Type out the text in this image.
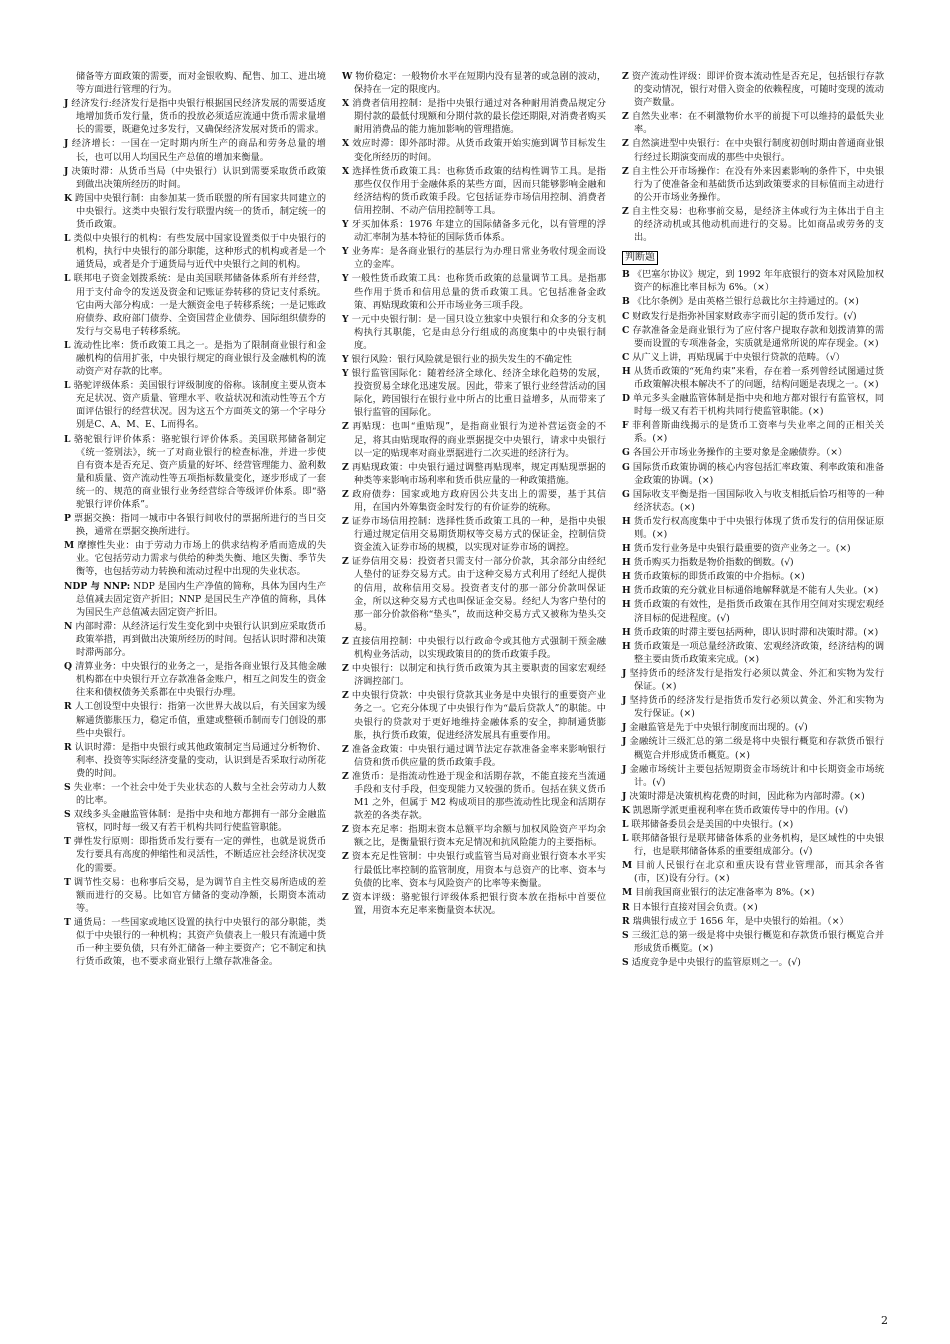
储备等方面政策的需要，而对金银收购、配售、加工、进出境等方面进行管理的行为。
J 经济发行:经济发行是指中央银行根据国民经济发展的需要适度地增加货币发行量，货币的投放必须适应流通中货币需求量增长的需要，既避免过多发行，又确保经济发展对货币的需求。
J 经济增长：一国在一定时期内所生产的商品和劳务总量的增长，也可以用人均国民生产总值的增加来衡量。
J 决策时滞：从货币当局（中央银行）认识到需要采取货币政策到做出决策所经历的时间。
K 跨国中央银行制：由参加某一货币联盟的所有国家共同建立的中央银行。这类中央银行发行联盟内统一的货币，制定统一的货币政策。
L 类似中央银行的机构：有些发展中国家设置类似于中央银行的机构，执行中央银行的部分职能，这种形式的机构或者是一个通货局，或者是介于通货局与近代中央银行之间的机构。
L 联邦电子资金划拨系统：是由美国联邦储备体系所有并经营，用于支付命令的发送及资金和记账证券转移的贷记支付系统。它由两大部分构成：一是大额资金电子转移系统；一是记账政府债券、政府部门债券、全资国营企业债券、国际组织债券的发行与交易电子转移系统。
L 流动性比率：货币政策工具之一。是指为了限制商业银行和金融机构的信用扩张，中央银行规定的商业银行及金融机构的流动资产对存款的比率。
L 骆驼评级体系：美国银行评级制度的俗称。该制度主要从资本充足状况、资产质量、管理水平、收益状况和流动性等五个方面评估银行的经营状况。因为这五个方面英文的第一个字母分别是C、A、M、E、L而得名。
L 骆驼银行评价体系：骆驼银行评价体系。美国联邦储备制定《统一签别法》，统一了对商业银行的检查标准，并进一步使自有资本是否充足、资产质量的好坏、经营管理能力、盈利数量和质量、资产流动性等五项指标数量变化，逐步形成了一套统一的、规范的商业银行业务经营综合等级评价体系。即“骆驼银行评价体系”。
P 票据交换：指同一城市中各银行间收付的票据所进行的当日交换，通常在票据交换所进行。
M 摩擦性失业：由于劳动力市场上的供求结构矛盾而造成的失业。它包括劳动力需求与供给的种类失衡、地区失衡、季节失衡等，也包括劳动力转换和流动过程中出现的失业状态。
NDP 与 NNP: NDP 是国内生产净值的简称，具体为国内生产总值减去固定资产折旧；NNP 是国民生产净值的简称，具体为国民生产总值减去固定资产折旧。
N 内部时滞：从经济运行发生变化到中央银行认识到应采取货币政策举措，再到做出决策所经历的时间。包括认识时滞和决策时滞两部分。
Q 清算业务：中央银行的业务之一，是指各商业银行及其他金融机构都在中央银行开立存款准备金账户，相互之间发生的资金往来和债权债务关系都在中央银行办理。
R 人工创设型中央银行：指第一次世界大战以后，有关国家为缓解通货膨胀压力，稳定币值，重建或整顿币制而专门创设的那些中央银行。
R 认识时滞：是指中央银行或其他政策制定当局通过分析物价、利率、投资等实际经济变量的变动，认识到是否采取行动所花费的时间。
S 失业率：一个社会中处于失业状态的人数与全社会劳动力人数的比率。
S 双线多头金融监管体制：是指中央和地方都拥有一部分金融监管权，同时每一级又有若干机构共同行使监管职能。
T 弹性发行原则：即指货币发行要有一定的弹性，也就是说货币发行要具有高度的伸缩性和灵活性，不断适应社会经济状况变化的需要。
T 调节性交易：也称事后交易，是为调节自主性交易所造成的差额而进行的交易。比如官方储备的变动净额，长期资本流动等。
T 通货局：一些国家或地区设置的执行中央银行的部分职能，类似于中央银行的一种机构；其资产负债表上一般只有流通中货币一种主要负债，只有外汇储备一种主要资产；它不制定和执行货币政策，也不要求商业银行上缴存款准备金。
W 物价稳定：一般物价水平在短期内没有显著的或急剧的波动，保持在一定的限度内。
X 消费者信用控制：是指中央银行通过对各种耐用消费品规定分期付款的最低付现额和分期付款的最长偿还期限,对消费者购买耐用消费品的能力施加影响的管理措施。
X 效应时滞：即外部时滞。从货币政策开始实施到调节目标发生变化所经历的时间。
X 选择性货币政策工具：也称货币政策的结构性调节工具。是指那些仅仅作用于金融体系的某些方面，因而只能够影响金融和经济结构的货币政策手段。它包括证券市场信用控制、消费者信用控制、不动产信用控制等工具。
Y 牙买加体系：1976 年建立的国际储备多元化，以有管理的浮动汇率制为基本特征的国际货币体系。
Y 业务库：是各商业银行的基层行为办理日常业务收付现金而设立的金库。
Y 一般性货币政策工具：也称货币政策的总量调节工具。是指那些作用于货币和信用总量的货币政策工具。它包括准备金政策、再贴现政策和公开市场业务三项手段。
Y 一元中央银行制：是一国只设立独家中央银行和众多的分支机构执行其职能，它是由总分行组成的高度集中的中央银行制度。
Y 银行风险：银行风险就是银行业的损失发生的不确定性
Y 银行监管国际化：随着经济全球化、经济全球化趋势的发展，投资贸易全球化迅速发展。因此，带来了银行业经营活动的国际化，跨国银行在银行业中所占的比重日益增多，从而带来了银行监管的国际化。
Z 再贴现：也叫“重贴现”，是指商业银行为逆补营运资金的不足，将其由贴现取得的商业票据提交中央银行，请求中央银行以一定的贴现率对商业票据进行二次买进的经济行为。
Z 再贴现政策：中央银行通过调整再贴现率，规定再贴现票据的种类等来影响市场利率和货币供应量的一种政策措施。
Z 政府债券：国家或地方政府因公共支出上的需要，基于其信用，在国内外筹集资金时发行的有价证券的统称。
Z 证券市场信用控制：选择性货币政策工具的一种，是指中央银行通过规定信用交易期货期权等交易方式的保证金，控制信贷资金流入证券市场的规模，以实现对证券市场的调控。
Z 证券信用交易：投资者只需支付一部分价款，其余部分由经纪人垫付的证券交易方式。由于这种交易方式利用了经纪人提供的信用，故称信用交易。投资者支付的那一部分价款叫保证金，所以这种交易方式也叫保证金交易。经纪人为客户垫付的那一部分价款俗称“垫头”，故而这种交易方式又被称为垫头交易。
Z 直接信用控制：中央银行以行政命令或其他方式强制干预金融机构业务活动，以实现政策目的的货币政策手段。
Z 中央银行：以制定和执行货币政策为其主要职责的国家宏观经济调控部门。
Z 中央银行贷款：中央银行贷款其业务是中央银行的重要资产业务之一。它充分体现了中央银行作为“最后贷款人”的职能。中央银行的贷款对于更好地维持金融体系的安全，抑制通货膨胀，执行货币政策，促进经济发展具有重要作用。
Z 准备金政策：中央银行通过调节法定存款准备金率来影响银行信贷和货币供应量的货币政策手段。
Z 准货币：是指流动性逊于现金和活期存款，不能直接充当流通手段和支付手段，但变现能力又较强的货币。包括在狭义货币 M1 之外，但属于 M2 构成项目的那些流动性比现金和活期存款差的各类存款。
Z 资本充足率：指期末资本总额平均余额与加权风险资产平均余额之比，是衡量银行资本充足情况和抗风险能力的主要指标。
Z 资本充足性管制：中央银行或监管当局对商业银行资本水平实行最低比率控制的监管制度，用资本与总资产的比率、资本与负债的比率、资本与风险资产的比率等来衡量。
Z 资本评级：骆驼银行评级体系把银行资本放在指标中首要位置，用资本充足率来衡量资本状况。
Z 资产流动性评级：即评价资本流动性是否充足，包括银行存款的变动情况，银行对借入资金的依赖程度，可随时变现的流动资产数量。
Z 自然失业率：在不刺激物价水平的前提下可以维持的最低失业率。
Z 自然演进型中央银行：在中央银行制度初创时期由普通商业银行经过长期演变而成的那些中央银行。
Z 自主性公开市场操作：在没有外来因素影响的条件下，中央银行为了使准备金和基础货币达到政策要求的目标值而主动进行的公开市场业务操作。
Z 自主性交易：也称事前交易，是经济主体或行为主体出于自主的经济动机或其他动机而进行的交易。比如商品或劳务的支出。
判断题
B 《巴塞尔协议》规定，到 1992 年年底银行的资本对风险加权资产的标准比率目标为 6%。（×）
B 《比尔条例》是由英格兰银行总裁比尔主持通过的。(×)
C 财政发行是指弥补国家财政赤字而引起的货币发行。(√)
C 存款准备金是商业银行为了应付客户提取存款和划拨清算的需要而设置的专项准备金，实质就是通常所说的库存现金。(×)
C 从广义上讲，再贴现属于中央银行贷款的范畴。（√）
H 从货币政策的“死角约束”来看，存在着一系列曾经试图通过货币政策解决根本解决不了的问题，结构问题是表现之一。(×)
D 单元多头金融监管体制是指中央和地方都对银行有监管权，同时每一级又有若干机构共同行使监管职能。(×)
F 菲利普斯曲线揭示的是货币工资率与失业率之间的正相关关系。(×)
G 各国公开市场业务操作的主要对象是金融债券。（×）
G 国际货币政策协调的核心内容包括汇率政策、利率政策和准备金政策的协调。(×)
G 国际收支平衡是指一国国际收入与收支相抵后恰巧相等的一种经济状态。(×)
H 货币发行权高度集中于中央银行体现了货币发行的信用保证原则。(×)
H 货币发行业务是中央银行最重要的资产业务之一。(×)
H 货币购买力指数是物价指数的倒数。(√)
H 货币政策标的即货币政策的中介指标。(×)
H 货币政策的充分就业目标通俗地解释就是不能有人失业。(×)
H 货币政策的有效性，是指货币政策在其作用空间对实现宏观经济目标的促进程度。(√)
H 货币政策的时滞主要包括两种，即认识时滞和决策时滞。(×)
H 货币政策是一项总量经济政策、宏观经济政策，经济结构的调整主要由货币政策来完成。(×)
J 坚持货币的经济发行是指发行必须以黄金、外汇和实物为发行保证。(×)
J 坚持货币的经济发行是指货币发行必须以黄金、外汇和实物为发行保证。(×)
J 金融监管是先于中央银行制度而出现的。(√)
J 金融统计三级汇总的第二级是将中央银行概览和存款货币银行概览合并形成货币概览。(×)
J 金融市场统计主要包括短期资金市场统计和中长期资金市场统计。(√)
J 决策时滞是决策机构花费的时间，因此称为内部时滞。(×)
K 凯恩斯学派更重视利率在货币政策传导中的作用。(√)
L 联邦储备委员会是美国的中央银行。(×)
L 联邦储备银行是联邦储备体系的业务机构，是区域性的中央银行，也是联邦储备体系的重要组成部分。(√)
M 目前人民银行在北京和重庆设有营业管理部，而其余各省(市，区)设有分行。(×)
M 目前我国商业银行的法定准备率为 8%。(×)
R 日本银行直接对国会负责。(×)
R 瑞典银行成立于 1656 年，是中央银行的始祖。（×）
S 三级汇总的第一级是将中央银行概览和存款货币银行概览合并形成货币概览。(×)
S 适度竞争是中央银行的监管原则之一。(√)
2
